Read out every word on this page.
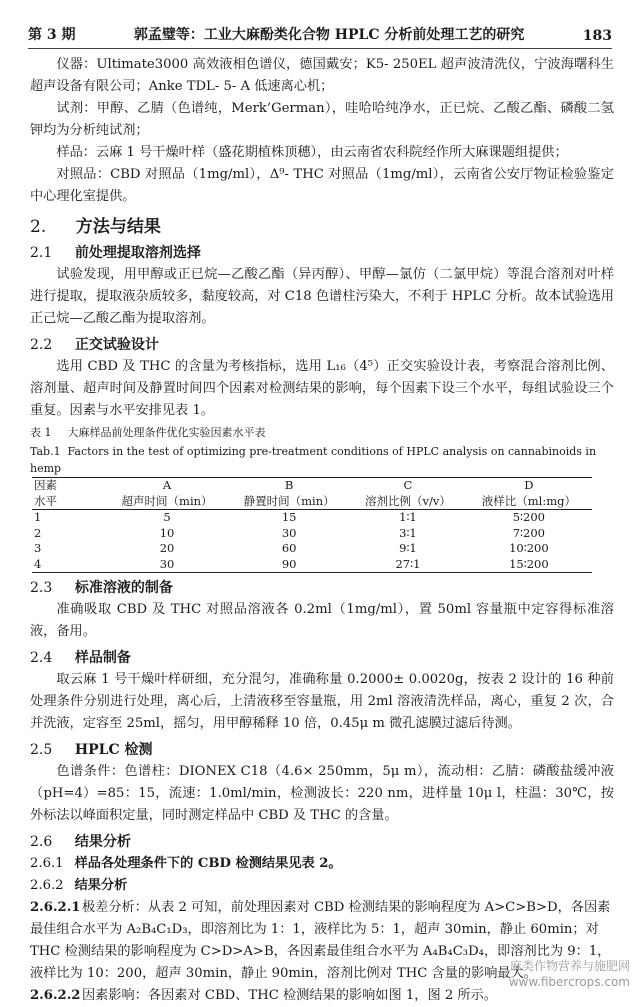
第 3 期	郭孟璧等：工业大麻酚类化合物 HPLC 分析前处理工艺的研究	183

仪器：Ultimate3000 高效液相色谱仪，德国戴安；K5- 250EL 超声波清洗仪，宁波海曙科生超声设备有限公司；Anke TDL- 5- A 低速离心机；

试剂：甲醇、乙腈（色谱纯，Merk’German），哇哈哈纯净水，正已烷、乙酸乙酯、磷酸二氢钾均为分析纯试剂；

样品：云麻 1 号干燥叶样（盛花期植株顶穗），由云南省农科院经作所大麻课题组提供；

对照品：CBD 对照品（1mg/ml），Δ⁹- THC 对照品（1mg/ml），云南省公安厅物证检验鉴定中心理化室提供。

2. 方法与结果
2.1 前处理提取溶剂选择

试验发现，用甲醇或正已烷—乙酸乙酯（异丙醇）、甲醇—氯仿（二氯甲烷）等混合溶剂对叶样进行提取，提取液杂质较多，黏度较高，对 C18 色谱柱污染大，不利于 HPLC 分析。故本试验选用正己烷—乙酸乙酯为提取溶剂。

2.2 正交试验设计

选用 CBD 及 THC 的含量为考核指标，选用 L₁₆（4⁵）正交实验设计表，考察混合溶剂比例、溶剂量、超声时间及静置时间四个因素对检测结果的影响，每个因素下设三个水平，每组试验设三个重复。因素与水平安排见表 1。

表 1 大麻样品前处理条件优化实验因素水平表
Tab.1 Factors in the test of optimizing pre-treatment conditions of HPLC analysis on cannabinoids in hemp
因素	A	B	C	D
水平	超声时间（min）	静置时间（min）	溶剂比例（v/v）	液样比（ml:mg）
1	5	15	1∶1	5∶200
2	10	30	3∶1	7∶200
3	20	60	9∶1	10∶200
4	30	90	27∶1	15∶200
2.3 标准溶液的制备

准确吸取 CBD 及 THC 对照品溶液各 0.2ml（1mg/ml），置 50ml 容量瓶中定容得标准溶液，备用。

2.4 样品制备

取云麻 1 号干燥叶样研细，充分混匀，准确称量 0.2000± 0.0020g，按表 2 设计的 16 种前处理条件分别进行处理，离心后，上清液移至容量瓶，用 2ml 溶液清洗样品，离心，重复 2 次，合并洗液，定容至 25ml，摇匀，用甲醇稀释 10 倍，0.45μ m 微孔滤膜过滤后待测。

2.5 HPLC 检测

色谱条件：色谱柱：DIONEX C18（4.6× 250mm，5μ m），流动相：乙腈：磷酸盐缓冲液（pH=4）=85：15，流速：1.0ml/min，检测波长：220 nm，进样量 10μ l，柱温：30℃，按外标法以峰面积定量，同时测定样品中 CBD 及 THC 的含量。

2.6 结果分析
2.6.1 样品各处理条件下的 CBD 检测结果见表 2。
2.6.2 结果分析

2.6.2.1 极差分析：从表 2 可知，前处理因素对 CBD 检测结果的影响程度为 A>C>B>D，各因素最佳组合水平为 A₂B₄C₁D₃，即溶剂比为 1：1，液样比为 5：1，超声 30min，静止 60min；对 THC 检测结果的影响程度为 C>D>A>B，各因素最佳组合水平为 A₄B₄C₃D₄，即溶剂比为 9：1，液样比为 10：200，超声 30min，静止 90min，溶剂比例对 THC 含量的影响最大。

2.6.2.2 因素影响：各因素对 CBD、THC 检测结果的影响如图 1，图 2 所示。

麻类作物营养与施肥网
www.fibercrops.com
